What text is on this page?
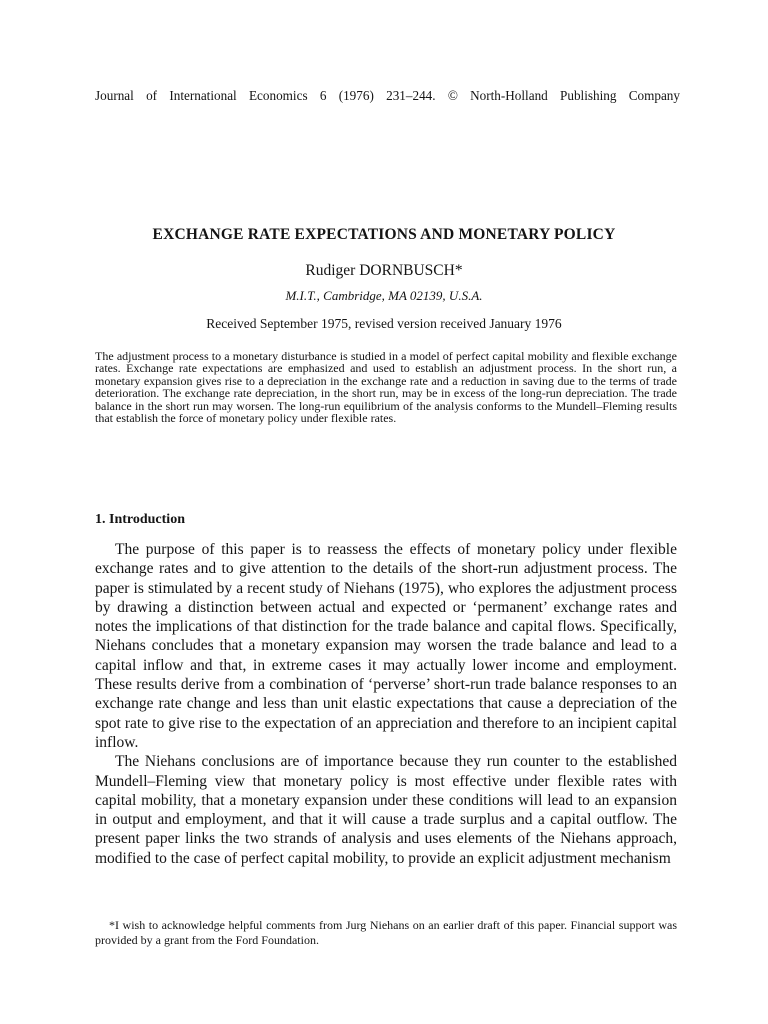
Journal of International Economics 6 (1976) 231–244. © North-Holland Publishing Company
EXCHANGE RATE EXPECTATIONS AND MONETARY POLICY
Rudiger DORNBUSCH*
M.I.T., Cambridge, MA 02139, U.S.A.
Received September 1975, revised version received January 1976

The adjustment process to a monetary disturbance is studied in a model of perfect capital mobility and flexible exchange rates. Exchange rate expectations are emphasized and used to establish an adjustment process. In the short run, a monetary expansion gives rise to a depreciation in the exchange rate and a reduction in saving due to the terms of trade deterioration. The exchange rate depreciation, in the short run, may be in excess of the long-run depreciation. The trade balance in the short run may worsen. The long-run equilibrium of the analysis conforms to the Mundell–Fleming results that establish the force of monetary policy under flexible rates.

1. Introduction

The purpose of this paper is to reassess the effects of monetary policy under flexible exchange rates and to give attention to the details of the short-run adjustment process. The paper is stimulated by a recent study of Niehans (1975), who explores the adjustment process by drawing a distinction between actual and expected or ‘permanent’ exchange rates and notes the implications of that distinction for the trade balance and capital flows. Specifically, Niehans concludes that a monetary expansion may worsen the trade balance and lead to a capital inflow and that, in extreme cases it may actually lower income and employment. These results derive from a combination of ‘perverse’ short-run trade balance responses to an exchange rate change and less than unit elastic expectations that cause a depreciation of the spot rate to give rise to the expectation of an appreciation and therefore to an incipient capital inflow.

The Niehans conclusions are of importance because they run counter to the established Mundell–Fleming view that monetary policy is most effective under flexible rates with capital mobility, that a monetary expansion under these conditions will lead to an expansion in output and employment, and that it will cause a trade surplus and a capital outflow. The present paper links the two strands of analysis and uses elements of the Niehans approach, modified to the case of perfect capital mobility, to provide an explicit adjustment mechanism

*I wish to acknowledge helpful comments from Jurg Niehans on an earlier draft of this paper. Financial support was provided by a grant from the Ford Foundation.
